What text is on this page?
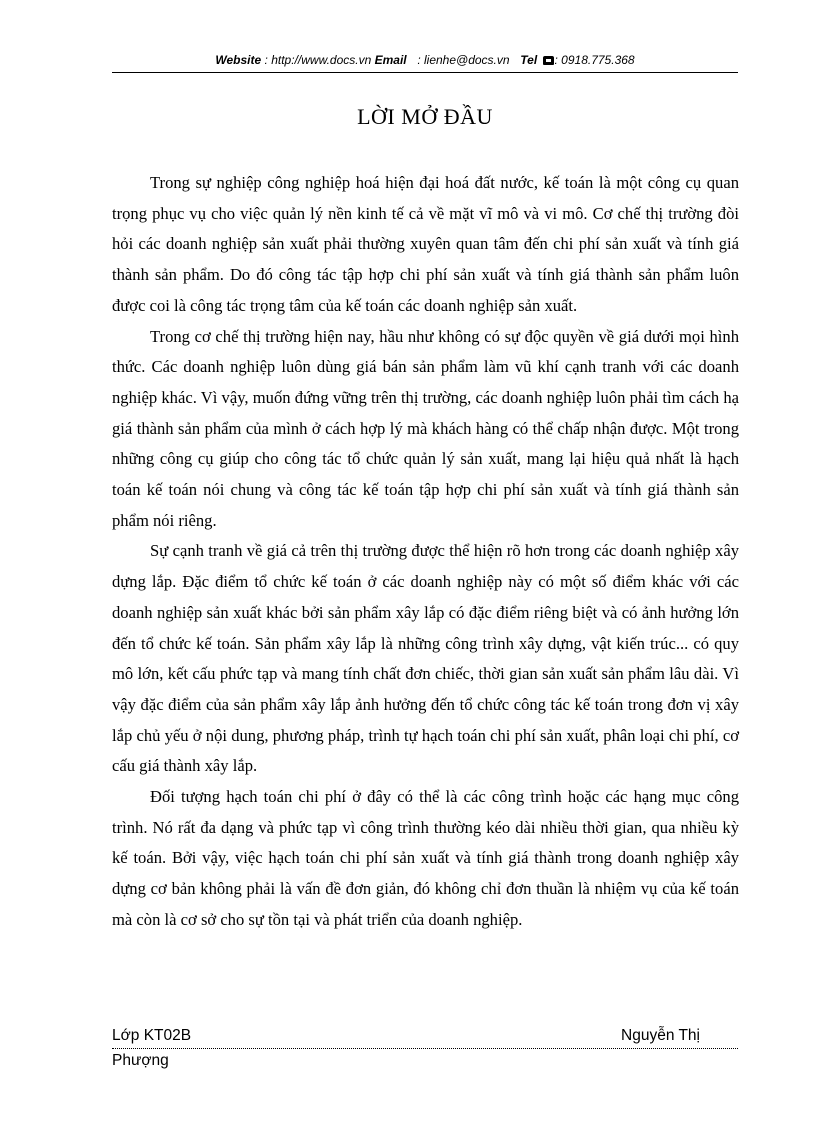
Website : http://www.docs.vn Email : lienhe@docs.vn Tel : 0918.775.368
LỜI MỞ ĐẦU

Trong sự nghiệp công nghiệp hoá hiện đại hoá đất nước, kế toán là một công cụ quan trọng phục vụ cho việc quản lý nền kinh tế cả về mặt vĩ mô và vi mô. Cơ chế thị trường đòi hỏi các doanh nghiệp sản xuất phải thường xuyên quan tâm đến chi phí sản xuất và tính giá thành sản phẩm. Do đó công tác tập hợp chi phí sản xuất và tính giá thành sản phẩm luôn được coi là công tác trọng tâm của kế toán các doanh nghiệp sản xuất.

Trong cơ chế thị trường hiện nay, hầu như không có sự độc quyền về giá dưới mọi hình thức. Các doanh nghiệp luôn dùng giá bán sản phẩm làm vũ khí cạnh tranh với các doanh nghiệp khác. Vì vậy, muốn đứng vững trên thị trường, các doanh nghiệp luôn phải tìm cách hạ giá thành sản phẩm của mình ở cách hợp lý mà khách hàng có thể chấp nhận được. Một trong những công cụ giúp cho công tác tổ chức quản lý sản xuất, mang lại hiệu quả nhất là hạch toán kế toán nói chung và công tác kế toán tập hợp chi phí sản xuất và tính giá thành sản phẩm nói riêng.

Sự cạnh tranh về giá cả trên thị trường được thể hiện rõ hơn trong các doanh nghiệp xây dựng lắp. Đặc điểm tổ chức kế toán ở các doanh nghiệp này có một số điểm khác với các doanh nghiệp sản xuất khác bởi sản phẩm xây lắp có đặc điểm riêng biệt và có ảnh hưởng lớn đến tổ chức kế toán. Sản phẩm xây lắp là những công trình xây dựng, vật kiến trúc... có quy mô lớn, kết cấu phức tạp và mang tính chất đơn chiếc, thời gian sản xuất sản phẩm lâu dài. Vì vậy đặc điểm của sản phẩm xây lắp ảnh hưởng đến tổ chức công tác kế toán trong đơn vị xây lắp chủ yếu ở nội dung, phương pháp, trình tự hạch toán chi phí sản xuất, phân loại chi phí, cơ cấu giá thành xây lắp.

Đối tượng hạch toán chi phí ở đây có thể là các công trình hoặc các hạng mục công trình. Nó rất đa dạng và phức tạp vì công trình thường kéo dài nhiều thời gian, qua nhiều kỳ kế toán. Bởi vậy, việc hạch toán chi phí sản xuất và tính giá thành trong doanh nghiệp xây dựng cơ bản không phải là vấn đề đơn giản, đó không chỉ đơn thuần là nhiệm vụ của kế toán mà còn là cơ sở cho sự tồn tại và phát triển của doanh nghiệp.

Lớp KT02B	Nguyễn Thị
Phượng
